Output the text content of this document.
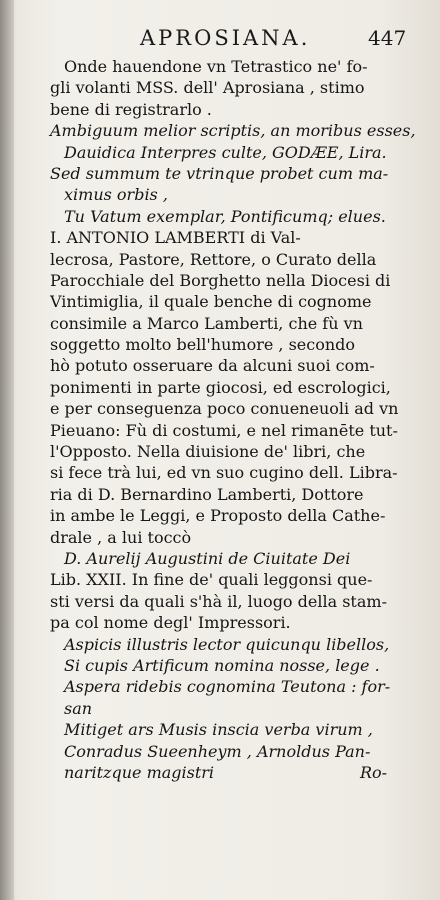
APROSIANA.	447
Onde hauendone vn Tetrastico ne' fo-
gli volanti MSS. dell' Aprosiana , stimo
bene di registrarlo .
Ambiguum melior scriptis, an moribus esses,
Dauidica Interpres culte, GODÆE, Lira.
Sed summum te vtrinque probet cum ma-
ximus orbis ,
Tu Vatum exemplar, Pontificumq; elues.
I. ANTONIO LAMBERTI di Val-
lecrosa, Pastore, Rettore, o Curato della
Parocchiale del Borghetto nella Diocesi di
Vintimiglia, il quale benche di cognome
consimile a Marco Lamberti, che fù vn
soggetto molto bell'humore , secondo
hò potuto osseruare da alcuni suoi com-
ponimenti in parte giocosi, ed escrologici,
e per conseguenza poco conueneuoli ad vn
Pieuano: Fù di costumi, e nel rimanēte tut-
l'Opposto. Nella diuisione de' libri, che
si fece trà lui, ed vn suo cugino dell. Libra-
ria di D. Bernardino Lamberti, Dottore
in ambe le Leggi, e Proposto della Cathe-
drale , a lui toccò
D. Aurelij Augustini de Ciuitate Dei
Lib. XXII. In fine de' quali leggonsi que-
sti versi da quali s'hà il, luogo della stam-
pa col nome degl' Impressori.
Aspicis illustris lector quicunqu libellos,
Si cupis Artificum nomina nosse, lege .
Aspera ridebis cognomina Teutona : for-
san
Mitiget ars Musis inscia verba virum ,
Conradus Sueenheym , Arnoldus Pan-
naritzque magistri	Ro-
